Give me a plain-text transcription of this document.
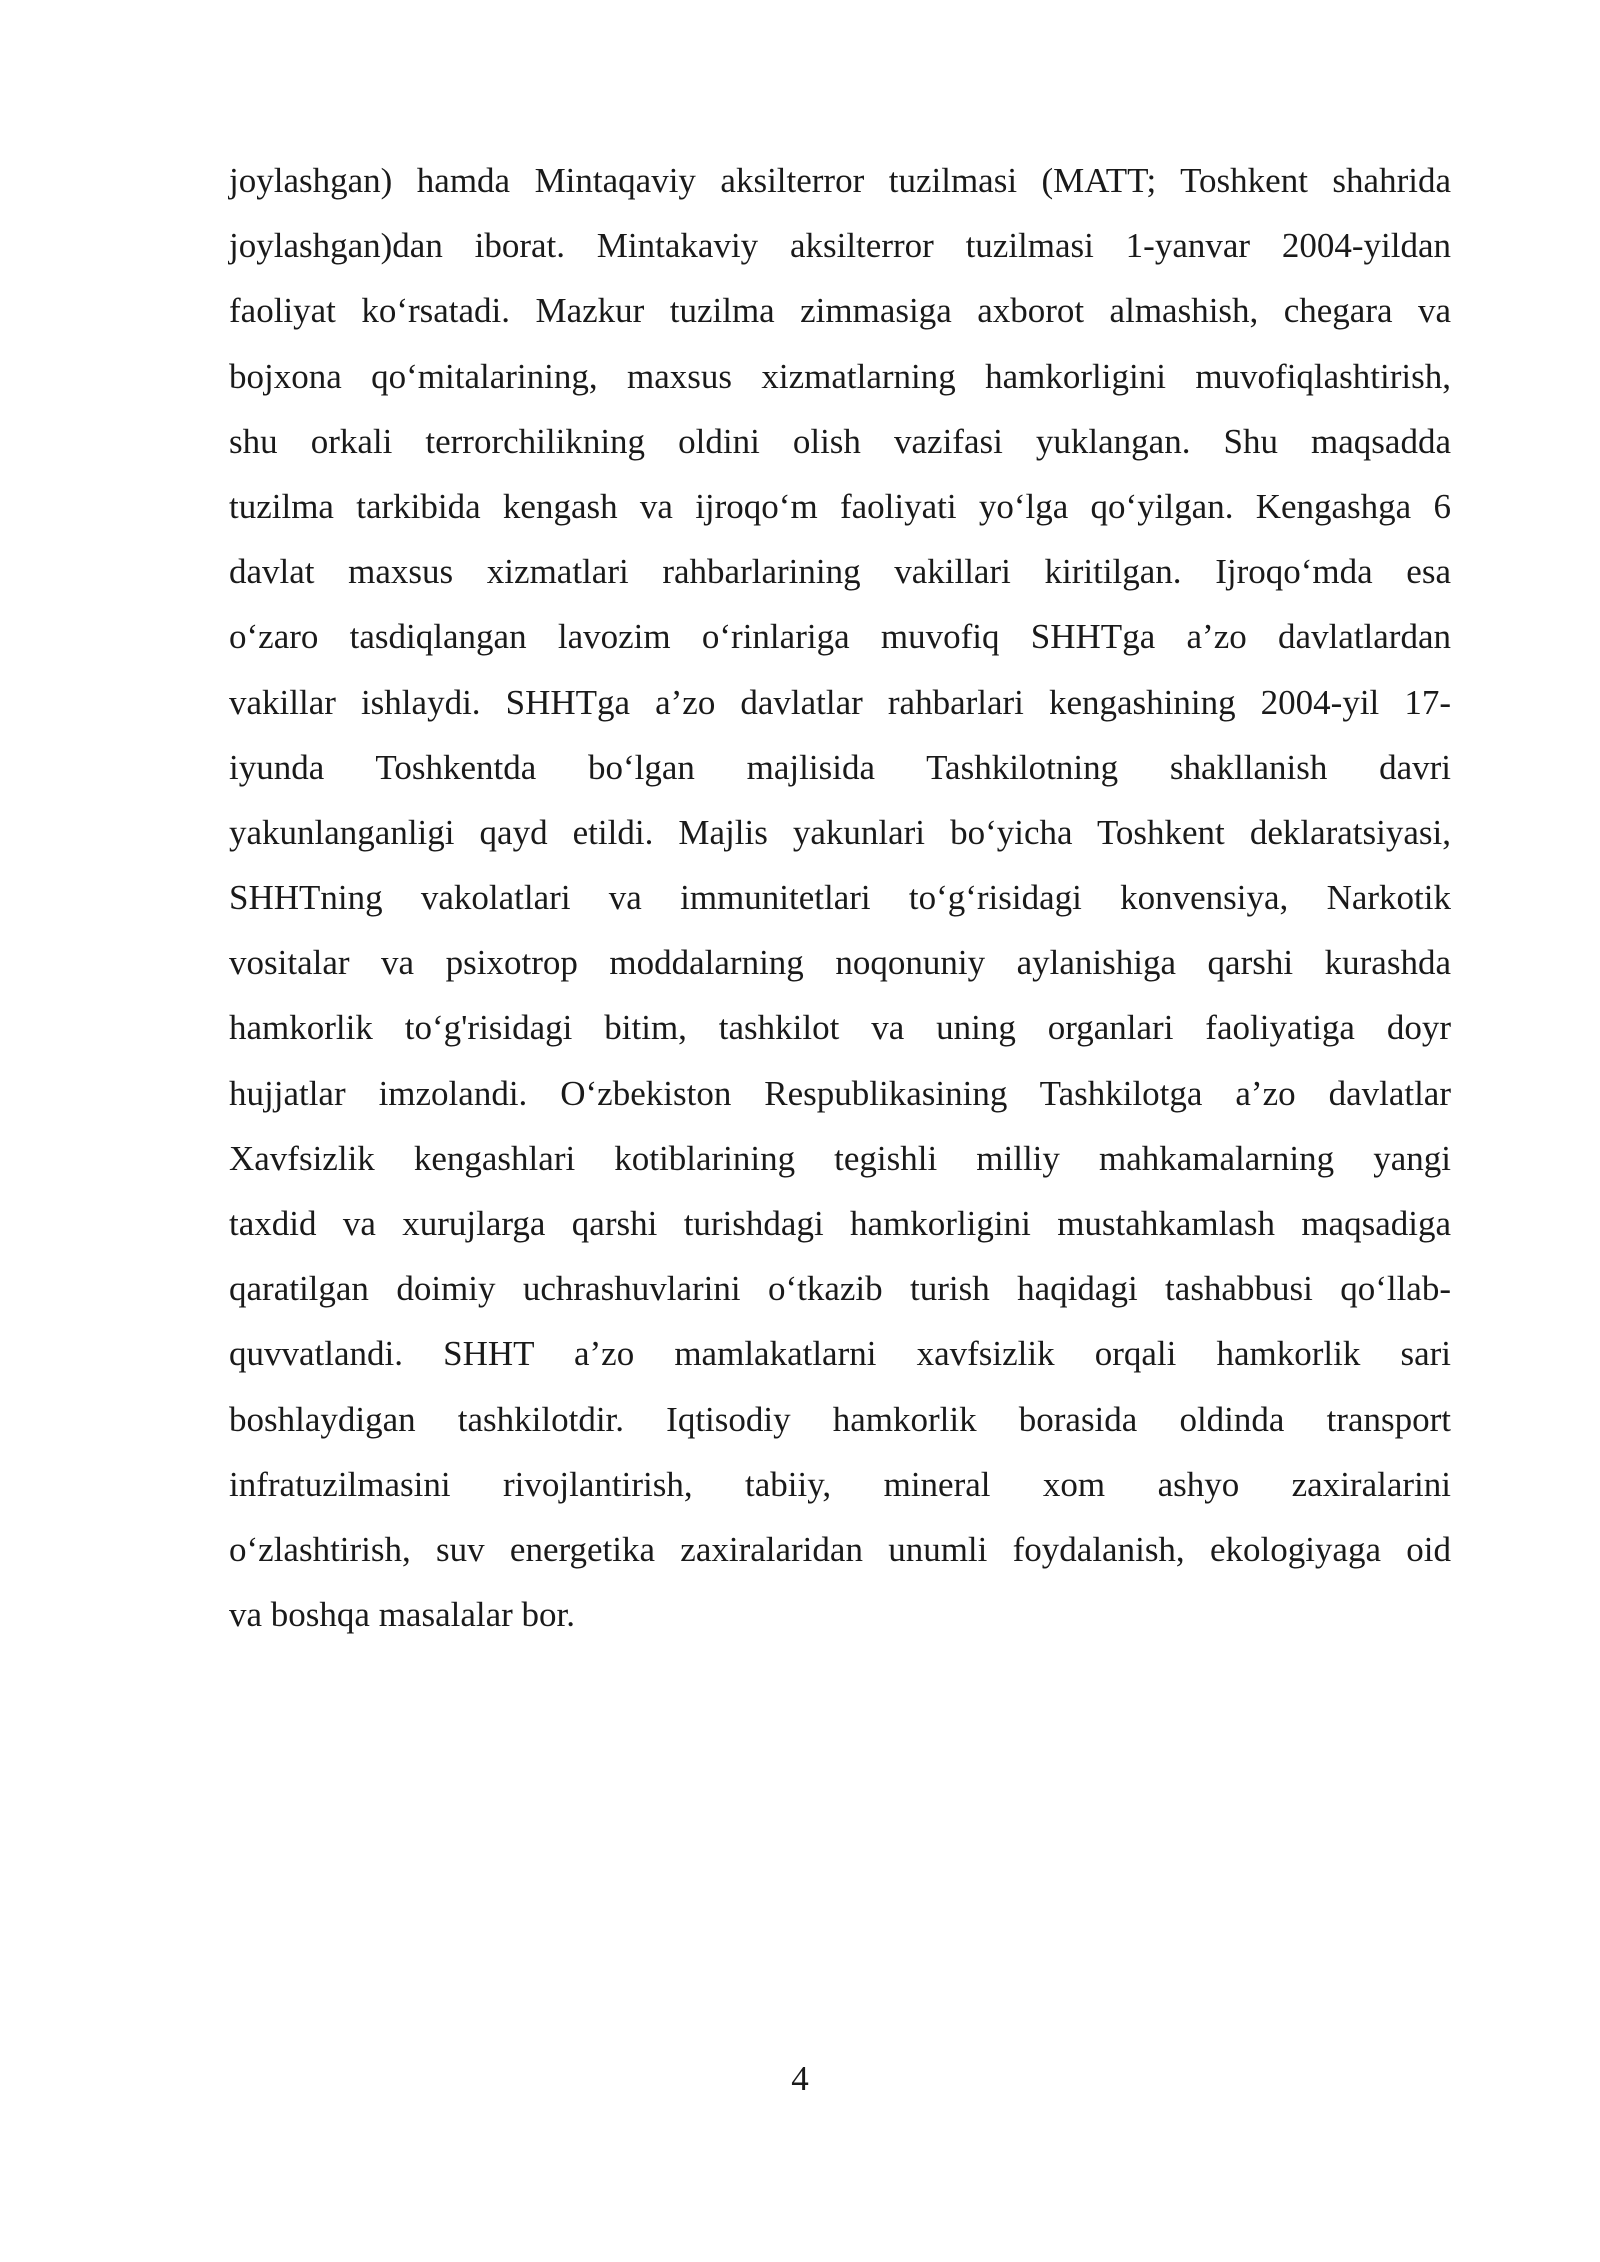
joylashgan) hamda Mintaqaviy aksilterror tuzilmasi (MATT; Toshkent shahrida
joylashgan)dan iborat. Mintakaviy aksilterror tuzilmasi 1-yanvar 2004-yildan
faoliyat ko‘rsatadi. Mazkur tuzilma zimmasiga axborot almashish, chegara va
bojxona qo‘mitalarining, maxsus xizmatlarning hamkorligini muvofiqlashtirish,
shu orkali terrorchilikning oldini olish vazifasi yuklangan. Shu maqsadda
tuzilma tarkibida kengash va ijroqo‘m faoliyati yo‘lga qo‘yilgan. Kengashga 6
davlat maxsus xizmatlari rahbarlarining vakillari kiritilgan. Ijroqo‘mda esa
o‘zaro tasdiqlangan lavozim o‘rinlariga muvofiq SHHTga a’zo davlatlardan
vakillar ishlaydi. SHHTga a’zo davlatlar rahbarlari kengashining 2004-yil 17-
iyunda Toshkentda bo‘lgan majlisida Tashkilotning shakllanish davri
yakunlanganligi qayd etildi. Majlis yakunlari bo‘yicha Toshkent deklaratsiyasi,
SHHTning vakolatlari va immunitetlari to‘g‘risidagi konvensiya, Narkotik
vositalar va psixotrop moddalarning noqonuniy aylanishiga qarshi kurashda
hamkorlik to‘g'risidagi bitim, tashkilot va uning organlari faoliyatiga doyr
hujjatlar imzolandi. O‘zbekiston Respublikasining Tashkilotga a’zo davlatlar
Xavfsizlik kengashlari kotiblarining tegishli milliy mahkamalarning yangi
taxdid va xurujlarga qarshi turishdagi hamkorligini mustahkamlash maqsadiga
qaratilgan doimiy uchrashuvlarini o‘tkazib turish haqidagi tashabbusi qo‘llab-
quvvatlandi. SHHT a’zo mamlakatlarni xavfsizlik orqali hamkorlik sari
boshlaydigan tashkilotdir. Iqtisodiy hamkorlik borasida oldinda transport
infratuzilmasini rivojlantirish, tabiiy, mineral xom ashyo zaxiralarini
o‘zlashtirish, suv energetika zaxiralaridan unumli foydalanish, ekologiyaga oid
va boshqa masalalar bor.
4
